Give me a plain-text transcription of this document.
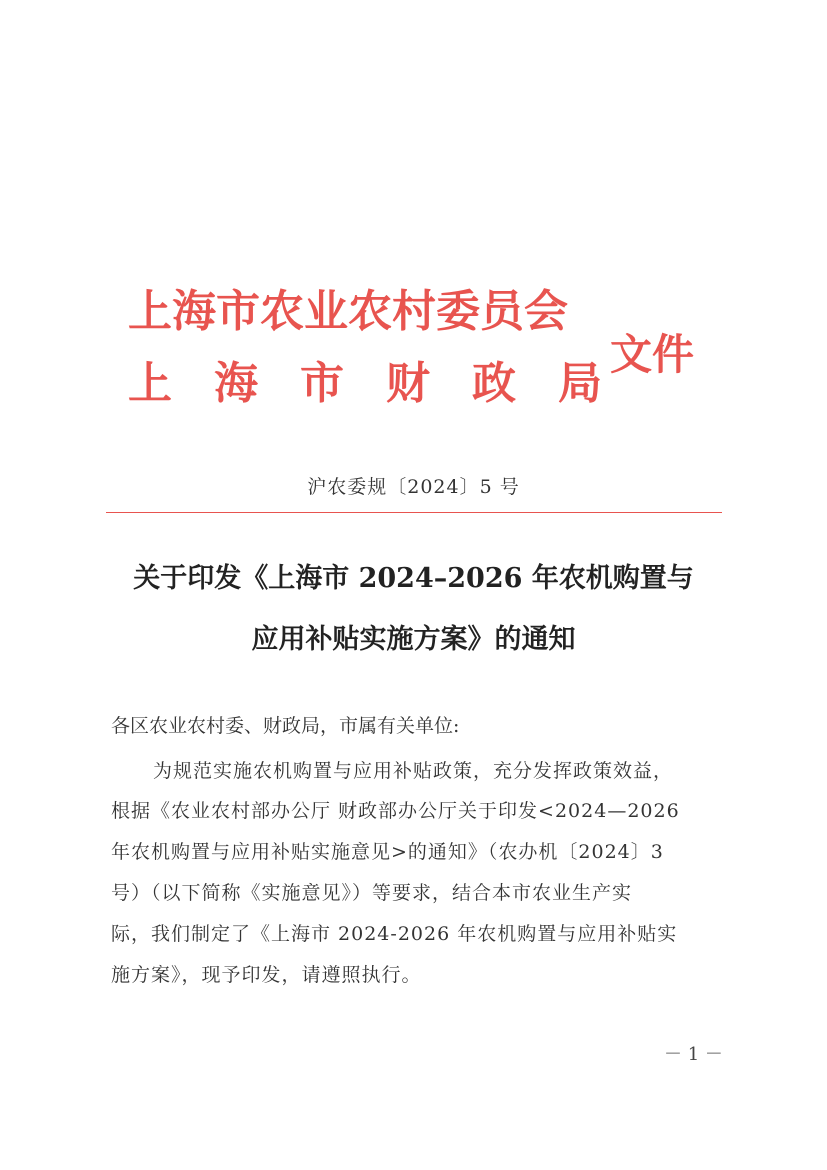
上海市农业农村委员会
上海市财政局
文件
沪农委规〔2024〕5 号
关于印发《上海市 2024–2026 年农机购置与
应用补贴实施方案》的通知
各区农业农村委、财政局，市属有关单位:
为规范实施农机购置与应用补贴政策，充分发挥政策效益，
根据《农业农村部办公厅 财政部办公厅关于印发<2024—2026
年农机购置与应用补贴实施意见>的通知》（农办机〔2024〕3
号）（以下简称《实施意见》）等要求，结合本市农业生产实
际，我们制定了《上海市 2024-2026 年农机购置与应用补贴实
施方案》，现予印发，请遵照执行。
－ 1 －
